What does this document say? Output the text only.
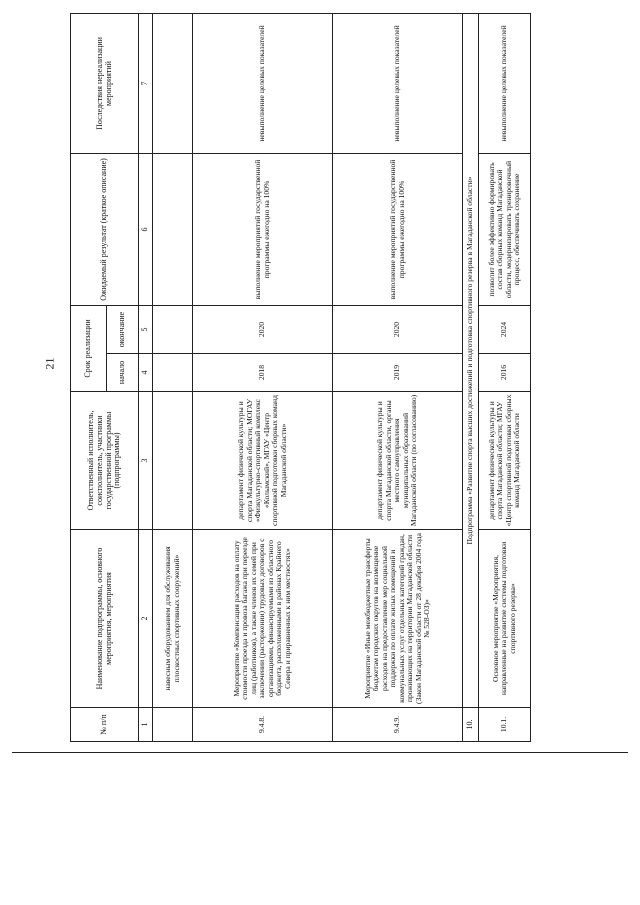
21
№ п/п	Наименование подпрограммы, основного мероприятия, мероприятия	Ответственный исполнитель, соисполнитель, участники государственной программы (подпрограммы)	Срок реализации		Ожидаемый результат (краткое описание)	Последствия нереализации мероприятий
			начало	окончание		
1	2	3	4	5	6	7
	навесным оборудованием для обслуживания плоскостных спортивных сооружений»					
9.4.8.	Мероприятие «Компенсация расходов на оплату стоимости проезда и провоза багажа при переезде лиц (работников), а также членов их семей при заключении (расторжении) трудовых договоров с организациями, финансируемыми из областного бюджета, расположенными в районах Крайнего Севера и приравненных к ним местностях»	департамент физической культуры и спорта Магаданской области; МОГАУ «Физкультурно-спортивный комплекс «Колымский», МГАУ «Центр спортивной подготовки сборных команд Магаданской области»	2018	2020	выполнение мероприятий государственной программы ежегодно на 100%	невыполнение целевых показателей
9.4.9.	Мероприятие «Иные межбюджетные трансферты бюджетам городских округов на возмещение расходов на предоставление мер социальной поддержки по оплате жилых помещений и коммунальных услуг отдельных категорий граждан, проживающих на территории Магаданской области (Закон Магаданской области от 28 декабря 2004 года № 528-ОЗ)»	департамент физической культуры и спорта Магаданской области, органы местного самоуправления муниципальных образований Магаданской области (по согласованию)	2019	2020	выполнение мероприятий государственной программы ежегодно на 100%	невыполнение целевых показателей
10.	Подпрограмма «Развитие спорта высших достижений и подготовка спортивного резерва в Магаданской области»					
10.1.	Основное мероприятие «Мероприятия, направленные на развитие системы подготовки спортивного резерва»	департамент физической культуры и спорта Магаданской области; МГАУ «Центр спортивной подготовки сборных команд Магаданской области	2016	2024	позволит более эффективно формировать состав сборных команд Магаданской области, модернизировать тренировочный процесс, обеспечивать сохранение	невыполнение целевых показателей
